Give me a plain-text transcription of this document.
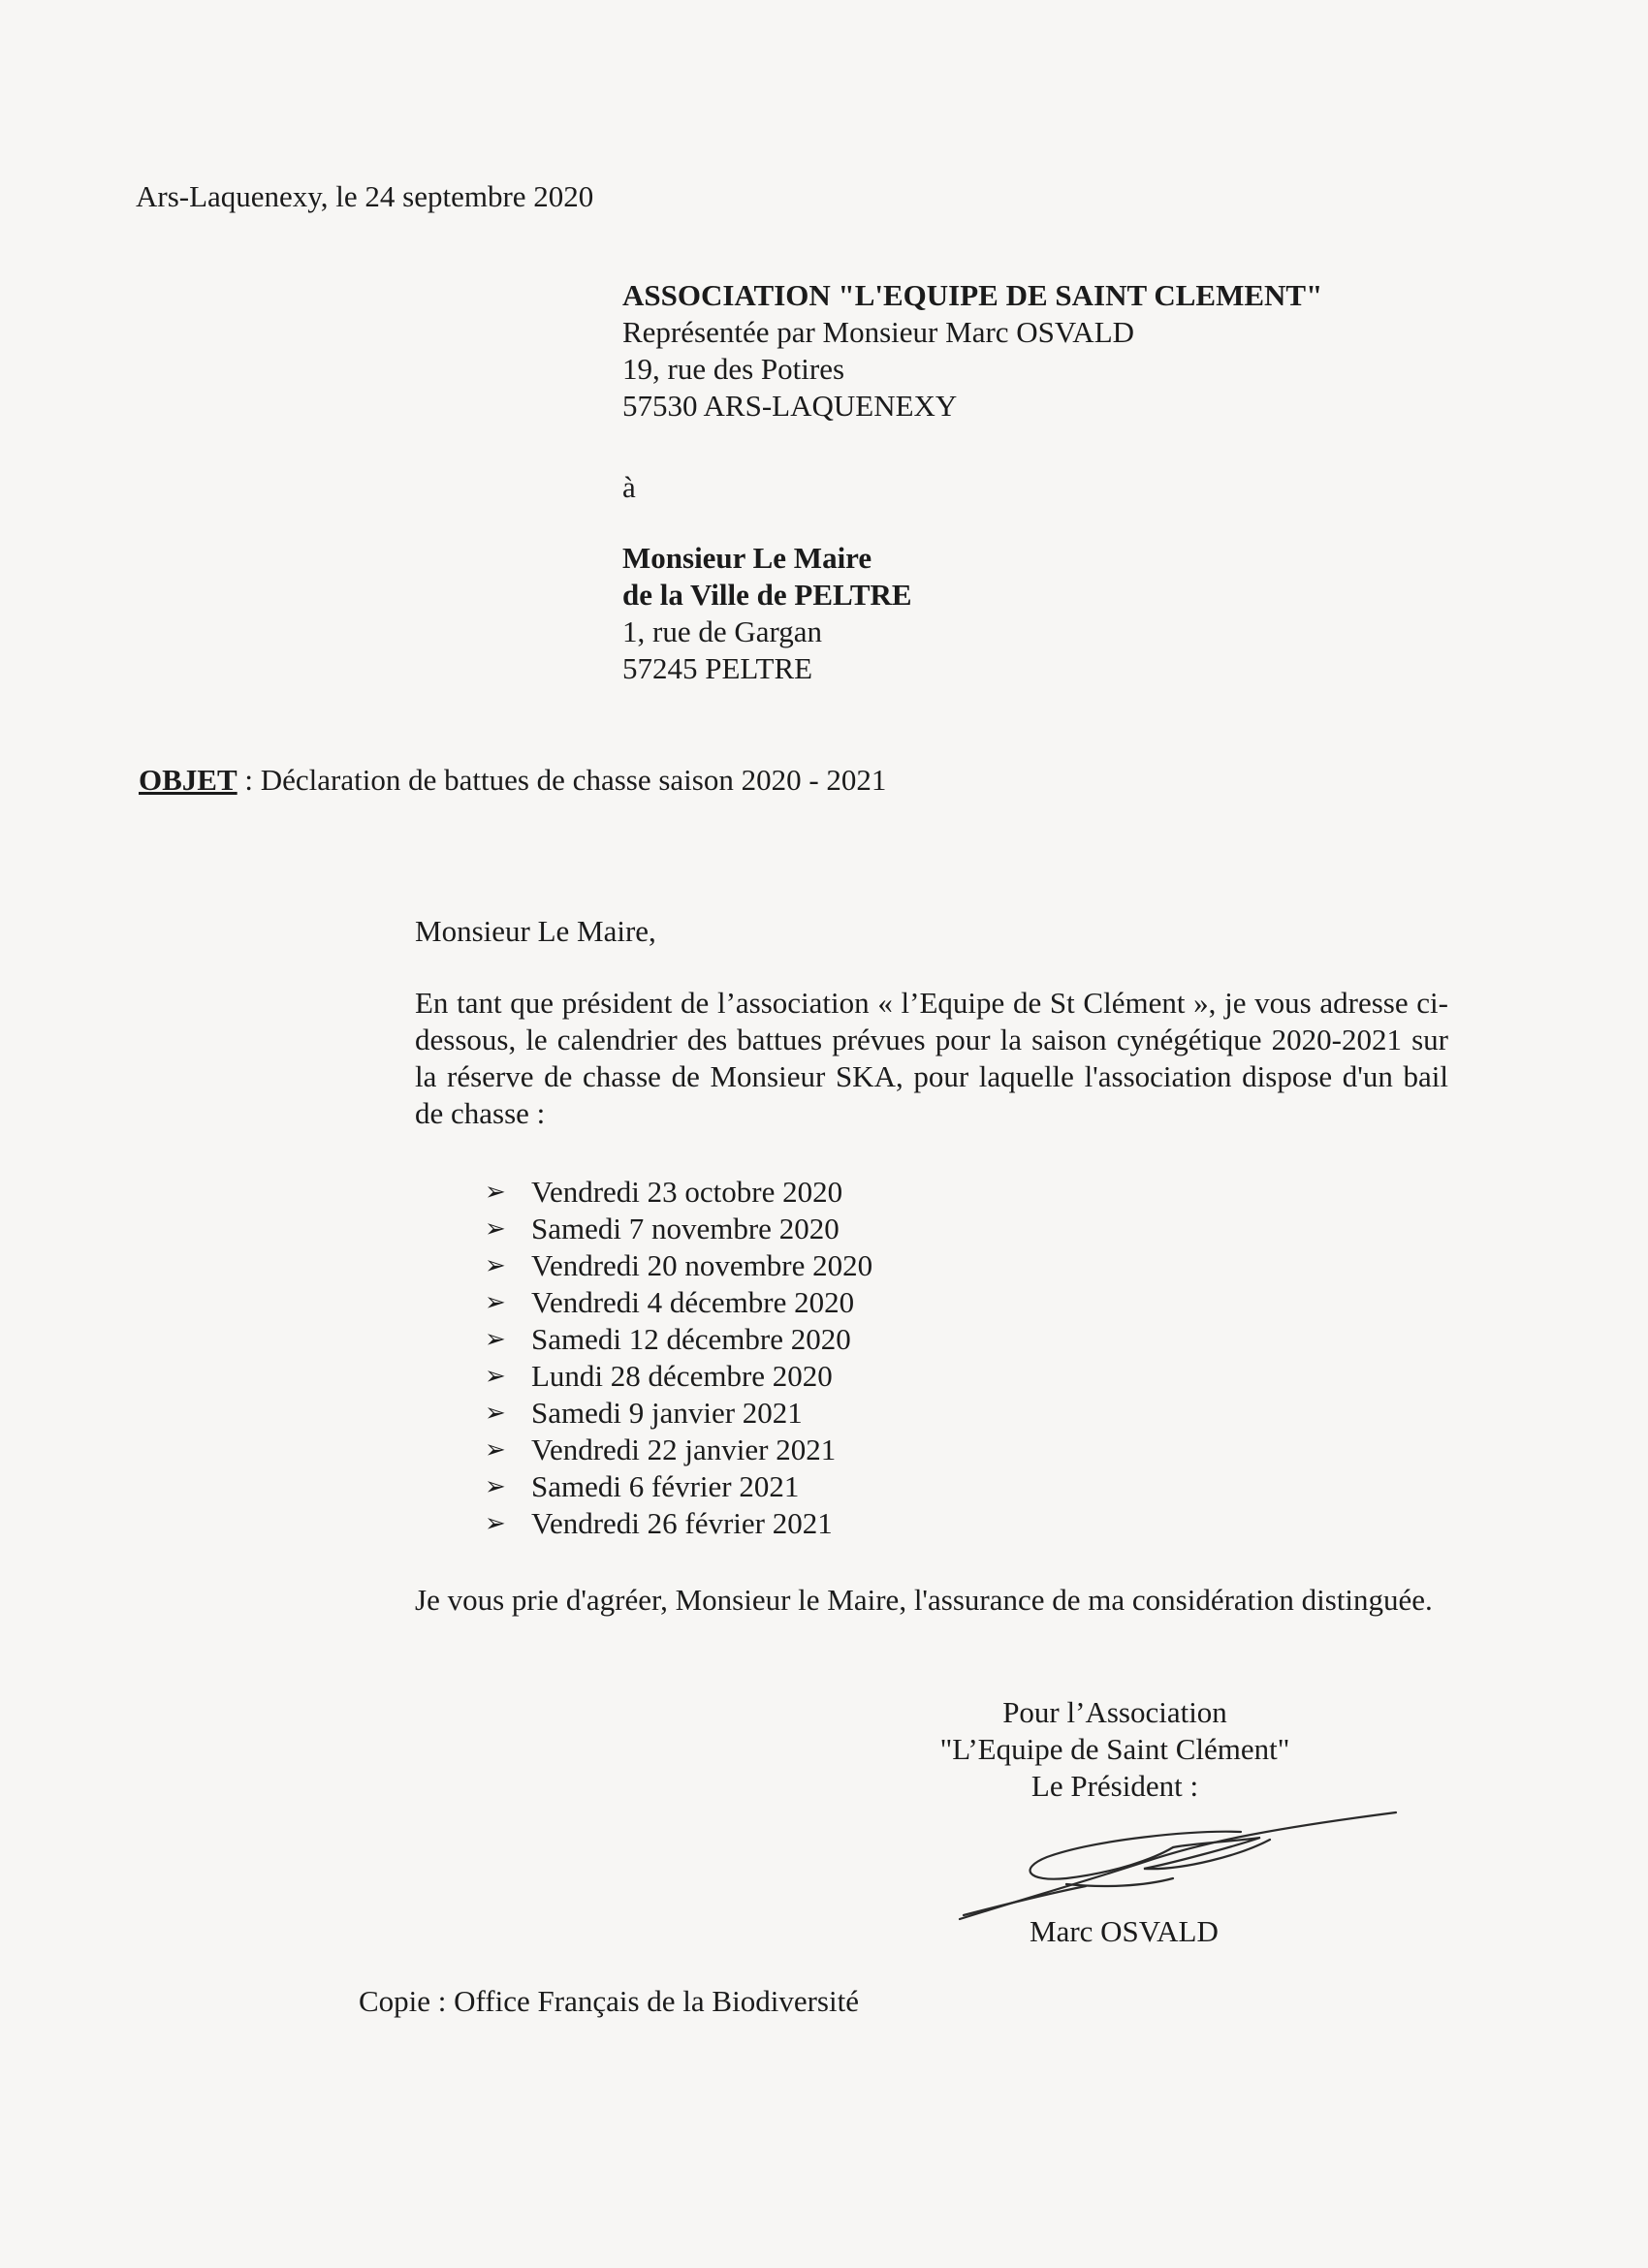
Ars-Laquenexy, le 24 septembre 2020
ASSOCIATION "L'EQUIPE DE SAINT CLEMENT"
Représentée par Monsieur Marc OSVALD
19, rue des Potires
57530 ARS-LAQUENEXY
à
Monsieur Le Maire
de la Ville de PELTRE
1, rue de Gargan
57245 PELTRE
OBJET : Déclaration de battues de chasse saison 2020 - 2021
Monsieur Le Maire,
En tant que président de l’association « l’Equipe de St Clément », je vous adresse ci-dessous, le calendrier des battues prévues pour la saison cynégétique 2020-2021 sur la réserve de chasse de Monsieur SKA, pour laquelle l'association dispose d'un bail de chasse :
➢ Vendredi 23 octobre 2020
➢ Samedi 7 novembre 2020
➢ Vendredi 20 novembre 2020
➢ Vendredi 4 décembre 2020
➢ Samedi 12 décembre 2020
➢ Lundi 28 décembre 2020
➢ Samedi 9 janvier 2021
➢ Vendredi 22 janvier 2021
➢ Samedi 6 février 2021
➢ Vendredi 26 février 2021
Je vous prie d'agréer, Monsieur le Maire, l'assurance de ma considération distinguée.
Pour l’Association
"L’Equipe de Saint Clément"
Le Président :
Marc OSVALD
Copie : Office Français de la Biodiversité
